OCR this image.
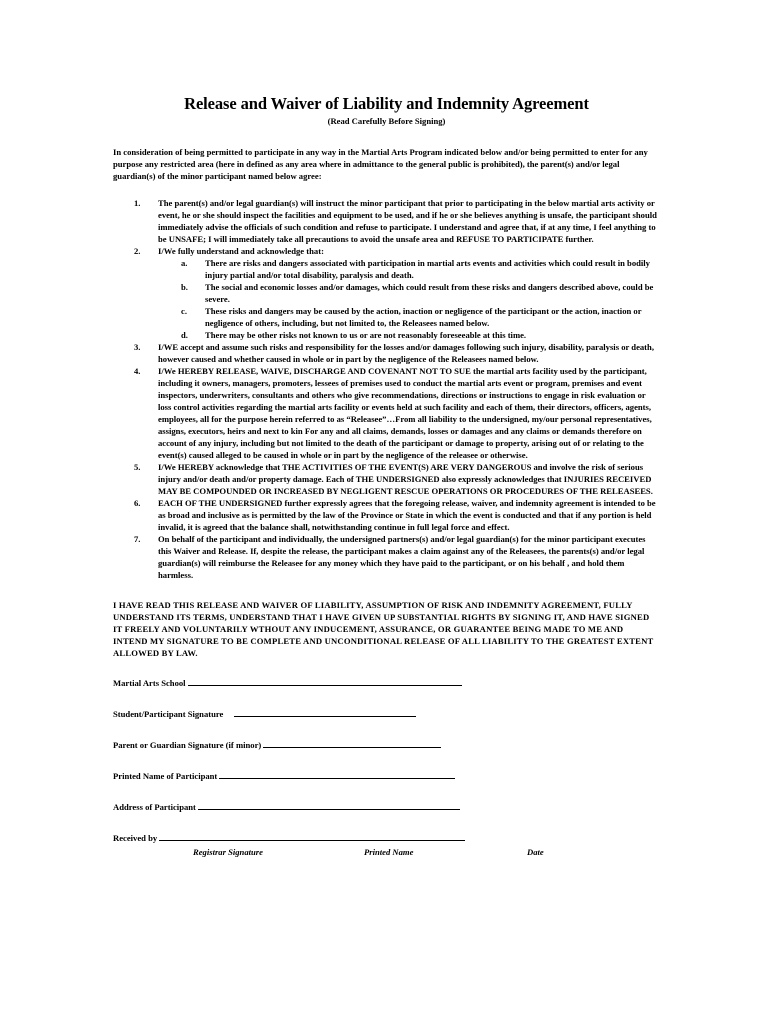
Release and Waiver of Liability and Indemnity Agreement
(Read Carefully Before Signing)

In consideration of being permitted to participate in any way in the Martial Arts Program indicated below and/or being permitted to enter for any purpose any restricted area (here in defined as any area where in admittance to the general public is prohibited), the parent(s) and/or legal guardian(s) of the minor participant named below agree:

1. The parent(s) and/or legal guardian(s) will instruct the minor participant that prior to participating in the below martial arts activity or event, he or she should inspect the facilities and equipment to be used, and if he or she believes anything is unsafe, the participant should immediately advise the officials of such condition and refuse to participate. I understand and agree that, if at any time, I feel anything to be UNSAFE; I will immediately take all precautions to avoid the unsafe area and REFUSE TO PARTICIPATE further.
2. I/We fully understand and acknowledge that:
a. There are risks and dangers associated with participation in martial arts events and activities which could result in bodily injury partial and/or total disability, paralysis and death.
b. The social and economic losses and/or damages, which could result from these risks and dangers described above, could be severe.
c. These risks and dangers may be caused by the action, inaction or negligence of the participant or the action, inaction or negligence of others, including, but not limited to, the Releasees named below.
d. There may be other risks not known to us or are not reasonably foreseeable at this time.
3. I/WE accept and assume such risks and responsibility for the losses and/or damages following such injury, disability, paralysis or death, however caused and whether caused in whole or in part by the negligence of the Releasees named below.
4. I/We HEREBY RELEASE, WAIVE, DISCHARGE AND COVENANT NOT TO SUE the martial arts facility used by the participant, including it owners, managers, promoters, lessees of premises used to conduct the martial arts event or program, premises and event inspectors, underwriters, consultants and others who give recommendations, directions or instructions to engage in risk evaluation or loss control activities regarding the martial arts facility or events held at such facility and each of them, their directors, officers, agents, employees, all for the purpose herein referred to as “Releasee”…From all liability to the undersigned, my/our personal representatives, assigns, executors, heirs and next to kin For any and all claims, demands, losses or damages and any claims or demands therefore on account of any injury, including but not limited to the death of the participant or damage to property, arising out of or relating to the event(s) caused alleged to be caused in whole or in part by the negligence of the releasee or otherwise.
5. I/We HEREBY acknowledge that THE ACTIVITIES OF THE EVENT(S) ARE VERY DANGEROUS and involve the risk of serious injury and/or death and/or property damage. Each of THE UNDERSIGNED also expressly acknowledges that INJURIES RECEIVED MAY BE COMPOUNDED OR INCREASED BY NEGLIGENT RESCUE OPERATIONS OR PROCEDURES OF THE RELEASEES.
6. EACH OF THE UNDERSIGNED further expressly agrees that the foregoing release, waiver, and indemnity agreement is intended to be as broad and inclusive as is permitted by the law of the Province or State in which the event is conducted and that if any portion is held invalid, it is agreed that the balance shall, notwithstanding continue in full legal force and effect.
7. On behalf of the participant and individually, the undersigned partners(s) and/or legal guardian(s) for the minor participant executes this Waiver and Release. If, despite the release, the participant makes a claim against any of the Releasees, the parents(s) and/or legal guardian(s) will reimburse the Releasee for any money which they have paid to the participant, or on his behalf , and hold them harmless.

I HAVE READ THIS RELEASE AND WAIVER OF LIABILITY, ASSUMPTION OF RISK AND INDEMNITY AGREEMENT, FULLY UNDERSTAND ITS TERMS, UNDERSTAND THAT I HAVE GIVEN UP SUBSTANTIAL RIGHTS BY SIGNING IT, AND HAVE SIGNED IT FREELY AND VOLUNTARILY WTHOUT ANY INDUCEMENT, ASSURANCE, OR GUARANTEE BEING MADE TO ME AND INTEND MY SIGNATURE TO BE COMPLETE AND UNCONDITIONAL RELEASE OF ALL LIABILITY TO THE GREATEST EXTENT ALLOWED BY LAW.

Martial Arts School
Student/Participant Signature
Parent or Guardian Signature (if minor)
Printed Name of Participant
Address of Participant
Received by
Registrar Signature	Printed Name	Date
